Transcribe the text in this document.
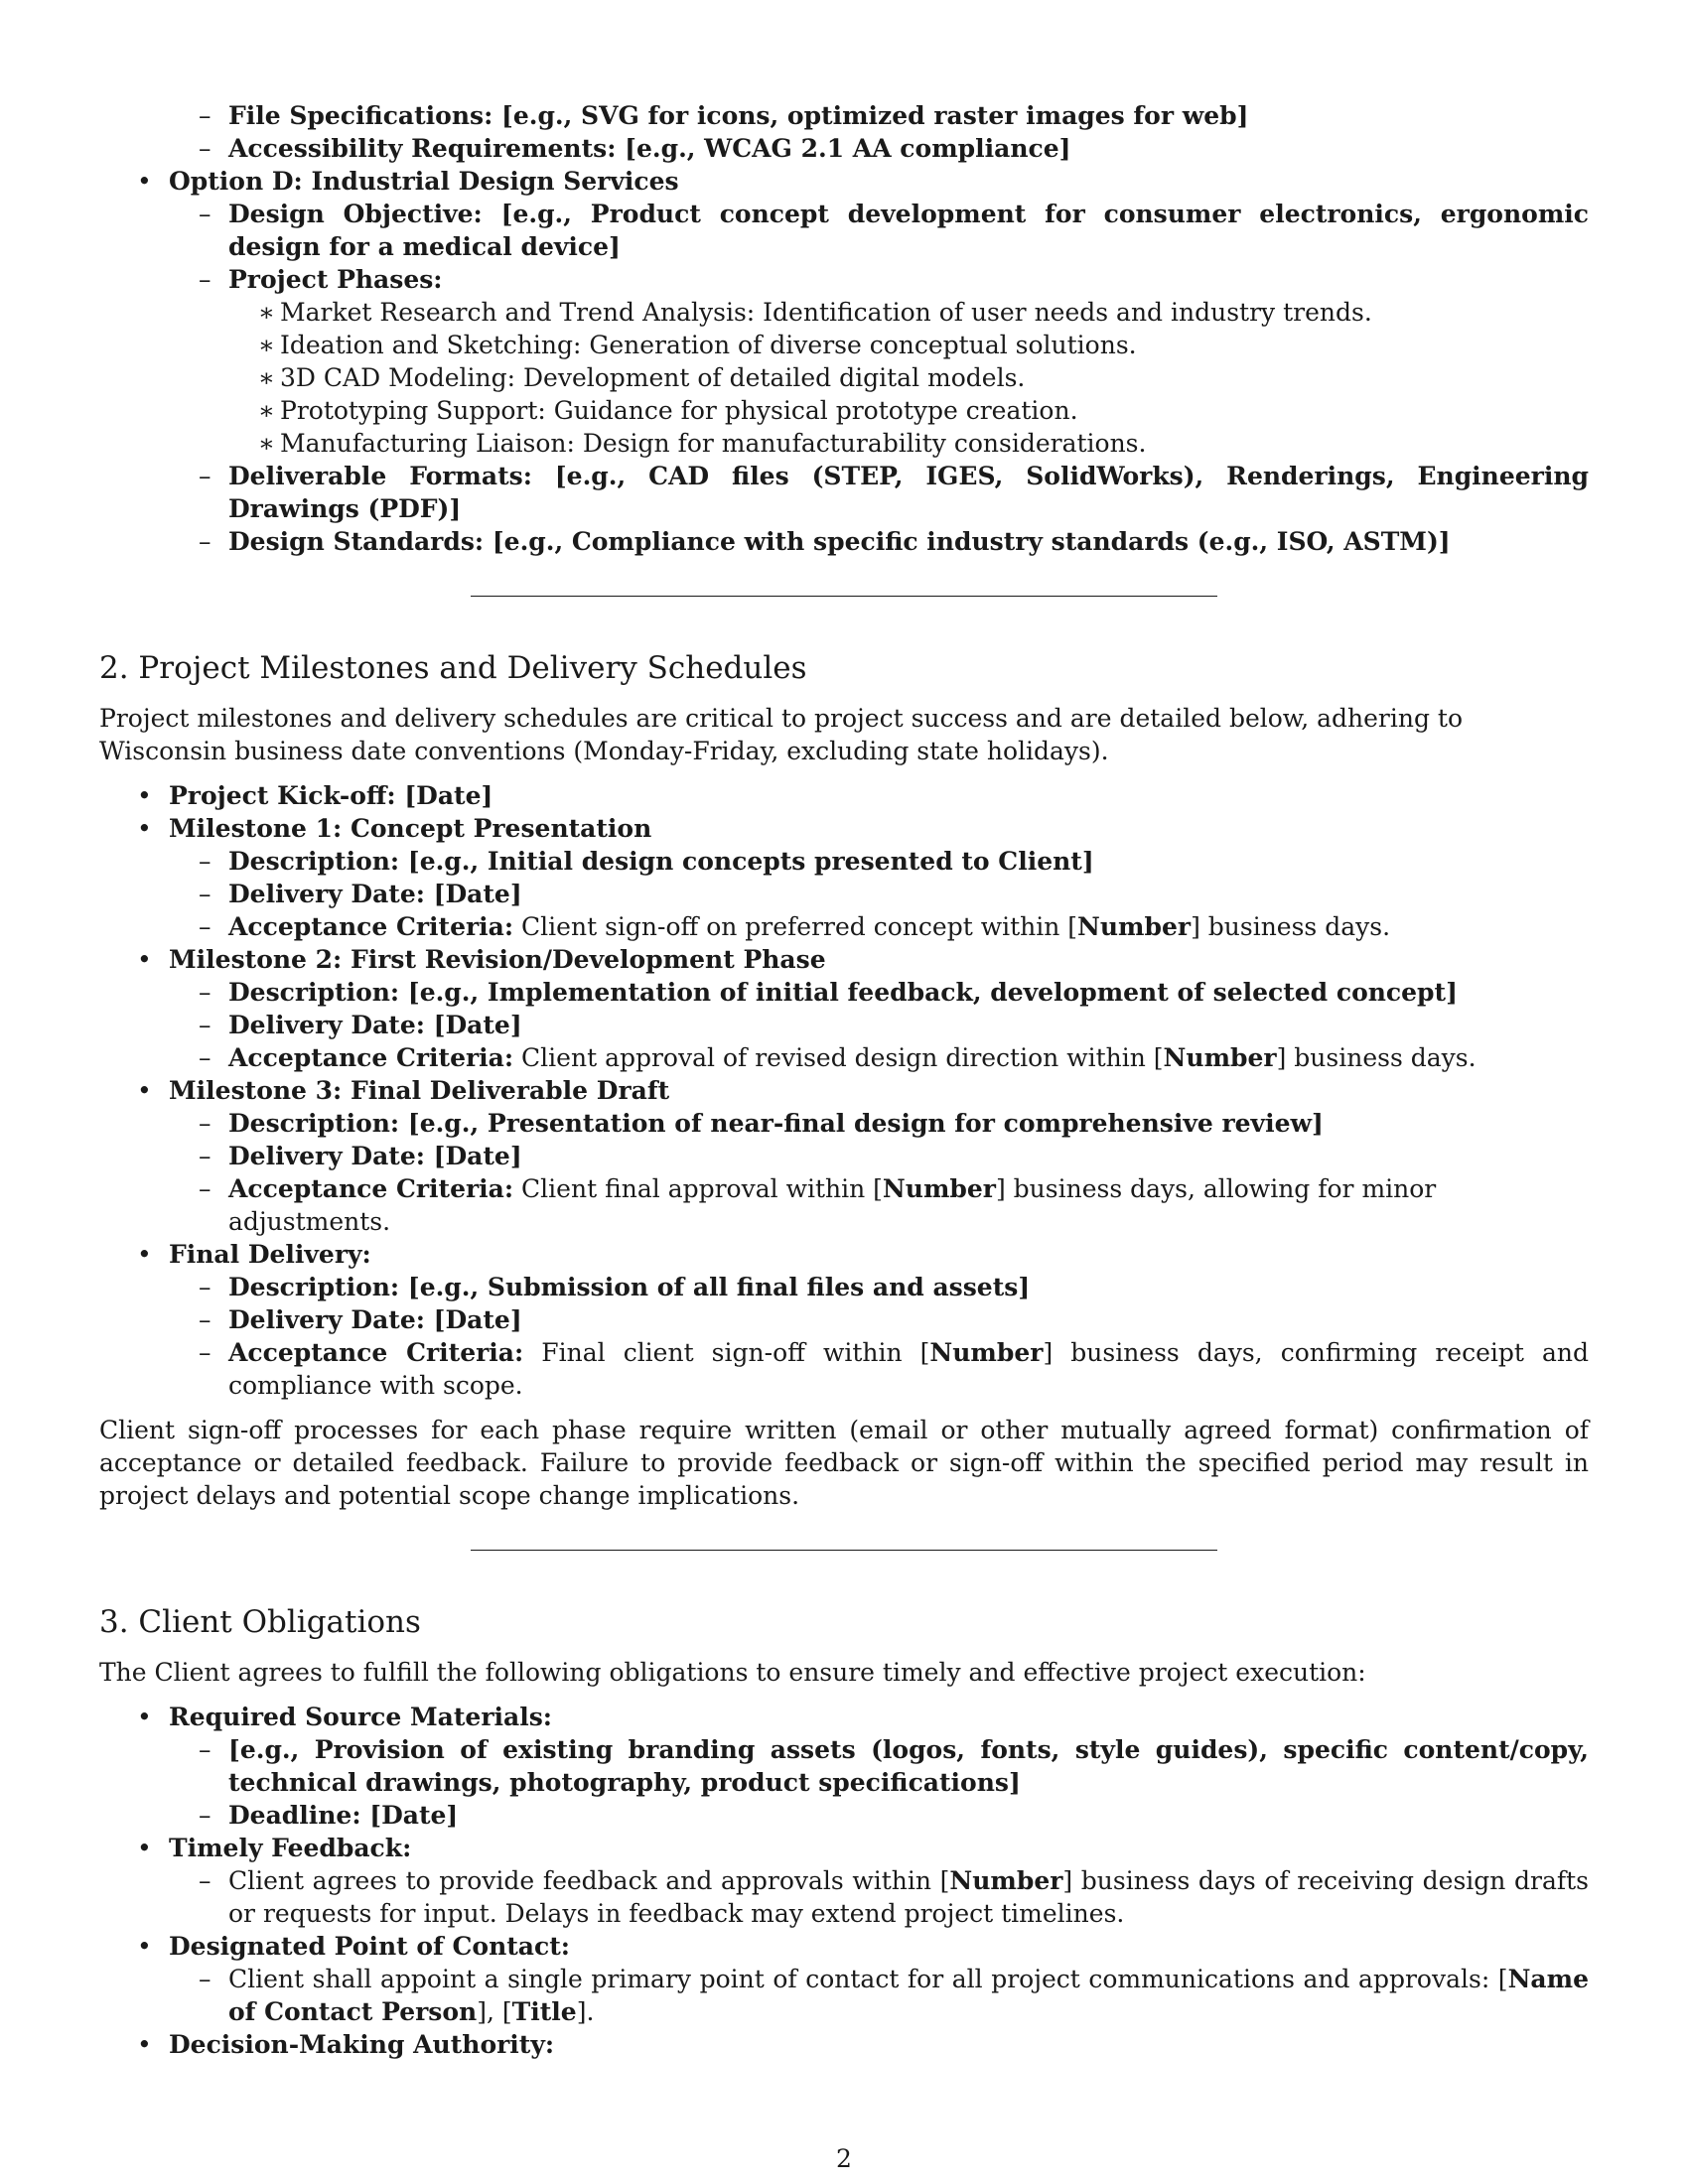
– File Specifications: [e.g., SVG for icons, optimized raster images for web]
– Accessibility Requirements: [e.g., WCAG 2.1 AA compliance]
• Option D: Industrial Design Services
– Design Objective: [e.g., Product concept development for consumer electronics, ergonomic design for a medical device]
– Project Phases:
∗ Market Research and Trend Analysis: Identification of user needs and industry trends.
∗ Ideation and Sketching: Generation of diverse conceptual solutions.
∗ 3D CAD Modeling: Development of detailed digital models.
∗ Prototyping Support: Guidance for physical prototype creation.
∗ Manufacturing Liaison: Design for manufacturability considerations.
– Deliverable Formats: [e.g., CAD files (STEP, IGES, SolidWorks), Renderings, Engineering Drawings (PDF)]
– Design Standards: [e.g., Compliance with specific industry standards (e.g., ISO, ASTM)]
2. Project Milestones and Delivery Schedules

Project milestones and delivery schedules are critical to project success and are detailed below, adhering to Wisconsin business date conventions (Monday-Friday, excluding state holidays).

• Project Kick-off: [Date]
• Milestone 1: Concept Presentation
– Description: [e.g., Initial design concepts presented to Client]
– Delivery Date: [Date]
– Acceptance Criteria: Client sign-off on preferred concept within [Number] business days.
• Milestone 2: First Revision/Development Phase
– Description: [e.g., Implementation of initial feedback, development of selected concept]
– Delivery Date: [Date]
– Acceptance Criteria: Client approval of revised design direction within [Number] business days.
• Milestone 3: Final Deliverable Draft
– Description: [e.g., Presentation of near-final design for comprehensive review]
– Delivery Date: [Date]
– Acceptance Criteria: Client final approval within [Number] business days, allowing for minor adjustments.
• Final Delivery:
– Description: [e.g., Submission of all final files and assets]
– Delivery Date: [Date]
– Acceptance Criteria: Final client sign-off within [Number] business days, confirming receipt and compliance with scope.

Client sign-off processes for each phase require written (email or other mutually agreed format) confirmation of acceptance or detailed feedback. Failure to provide feedback or sign-off within the specified period may result in project delays and potential scope change implications.

3. Client Obligations

The Client agrees to fulfill the following obligations to ensure timely and effective project execution:

• Required Source Materials:
– [e.g., Provision of existing branding assets (logos, fonts, style guides), specific content/copy, technical drawings, photography, product specifications]
– Deadline: [Date]
• Timely Feedback:
– Client agrees to provide feedback and approvals within [Number] business days of receiving design drafts or requests for input. Delays in feedback may extend project timelines.
• Designated Point of Contact:
– Client shall appoint a single primary point of contact for all project communications and approvals: [Name of Contact Person], [Title].
• Decision-Making Authority:
2
